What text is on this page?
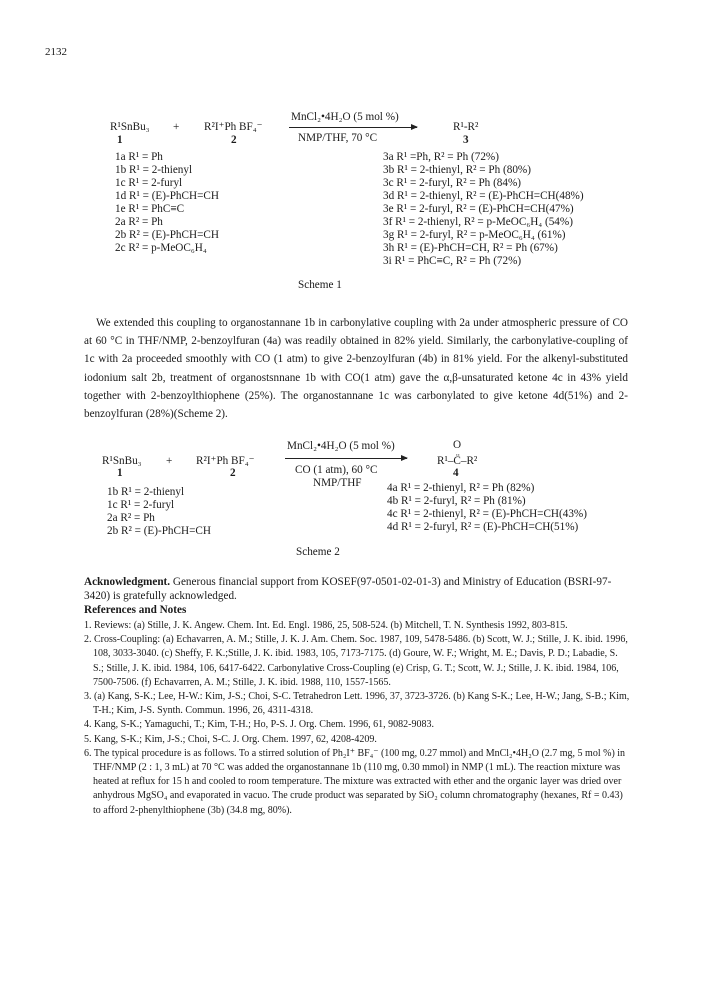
2132
R¹SnBu₃ + R²I⁺Ph BF₄⁻
MnCl₂•4H₂O (5 mol %)
NMP/THF, 70 °C
R¹-R²
1	2	3
1a R¹ = Ph
1b R¹ = 2-thienyl
1c R¹ = 2-furyl
1d R¹ = (E)-PhCH=CH
1e R¹ = PhC≡C
2a R² = Ph
2b R² = (E)-PhCH=CH
2c R² = p-MeOC₆H₄
3a R¹ =Ph, R² = Ph (72%)
3b R¹ = 2-thienyl, R² = Ph (80%)
3c R¹ = 2-furyl, R² = Ph (84%)
3d R¹ = 2-thienyl, R² = (E)-PhCH=CH(48%)
3e R¹ = 2-furyl, R² = (E)-PhCH=CH(47%)
3f R¹ = 2-thienyl, R² = p-MeOC₆H₄ (54%)
3g R¹ = 2-furyl, R² = p-MeOC₆H₄ (61%)
3h R¹ = (E)-PhCH=CH, R² = Ph (67%)
3i R¹ = PhC≡C, R² = Ph (72%)
Scheme 1

We extended this coupling to organostannane 1b in carbonylative coupling with 2a under atmospheric pressure of CO at 60 °C in THF/NMP, 2-benzoylfuran (4a) was readily obtained in 82% yield. Similarly, the carbonylative-coupling of 1c with 2a proceeded smoothly with CO (1 atm) to give 2-benzoylfuran (4b) in 81% yield. For the alkenyl-substituted iodonium salt 2b, treatment of organostsnnane 1b with CO(1 atm) gave the α,β-unsaturated ketone 4c in 43% yield together with 2-benzoylthiophene (25%). The organostannane 1c was carbonylated to give ketone 4d(51%) and 2-benzoylfuran (28%)(Scheme 2).

R¹SnBu₃ + R²I⁺Ph BF₄⁻
MnCl₂•4H₂O (5 mol %)
CO (1 atm), 60 °C
NMP/THF
O
R¹–C̈–R²
1	2	4
1b R¹ = 2-thienyl
1c R¹ = 2-furyl
2a R² = Ph
2b R² = (E)-PhCH=CH
4a R¹ = 2-thienyl, R² = Ph (82%)
4b R¹ = 2-furyl, R² = Ph (81%)
4c R¹ = 2-thienyl, R² = (E)-PhCH=CH(43%)
4d R¹ = 2-furyl, R² = (E)-PhCH=CH(51%)
Scheme 2
Acknowledgment. Generous financial support from KOSEF(97-0501-02-01-3) and Ministry of Education (BSRI-97-3420) is gratefully acknowledged.
References and Notes

1. Reviews: (a) Stille, J. K. Angew. Chem. Int. Ed. Engl. 1986, 25, 508-524. (b) Mitchell, T. N. Synthesis 1992, 803-815.

2. Cross-Coupling: (a) Echavarren, A. M.; Stille, J. K. J. Am. Chem. Soc. 1987, 109, 5478-5486. (b) Scott, W. J.; Stille, J. K. ibid. 1996, 108, 3033-3040. (c) Sheffy, F. K.;Stille, J. K. ibid. 1983, 105, 7173-7175. (d) Goure, W. F.; Wright, M. E.; Davis, P. D.; Labadie, S. S.; Stille, J. K. ibid. 1984, 106, 6417-6422. Carbonylative Cross-Coupling (e) Crisp, G. T.; Scott, W. J.; Stille, J. K. ibid. 1984, 106, 7500-7506. (f) Echavarren, A. M.; Stille, J. K. ibid. 1988, 110, 1557-1565.

3. (a) Kang, S-K.; Lee, H-W.: Kim, J-S.; Choi, S-C. Tetrahedron Lett. 1996, 37, 3723-3726. (b) Kang S-K.; Lee, H-W.; Jang, S-B.; Kim, T-H.; Kim, J-S. Synth. Commun. 1996, 26, 4311-4318.

4. Kang, S-K.; Yamaguchi, T.; Kim, T-H.; Ho, P-S. J. Org. Chem. 1996, 61, 9082-9083.

5. Kang, S-K.; Kim, J-S.; Choi, S-C. J. Org. Chem. 1997, 62, 4208-4209.

6. The typical procedure is as follows. To a stirred solution of Ph₂I⁺ BF₄⁻ (100 mg, 0.27 mmol) and MnCl₂•4H₂O (2.7 mg, 5 mol %) in THF/NMP (2 : 1, 3 mL) at 70 °C was added the organostannane 1b (110 mg, 0.30 mmol) in NMP (1 mL). The reaction mixture was heated at reflux for 15 h and cooled to room temperature. The mixture was extracted with ether and the organic layer was dried over anhydrous MgSO₄ and evaporated in vacuo. The crude product was separated by SiO₂ column chromatography (hexanes, Rf = 0.43) to afford 2-phenylthiophene (3b) (34.8 mg, 80%).
